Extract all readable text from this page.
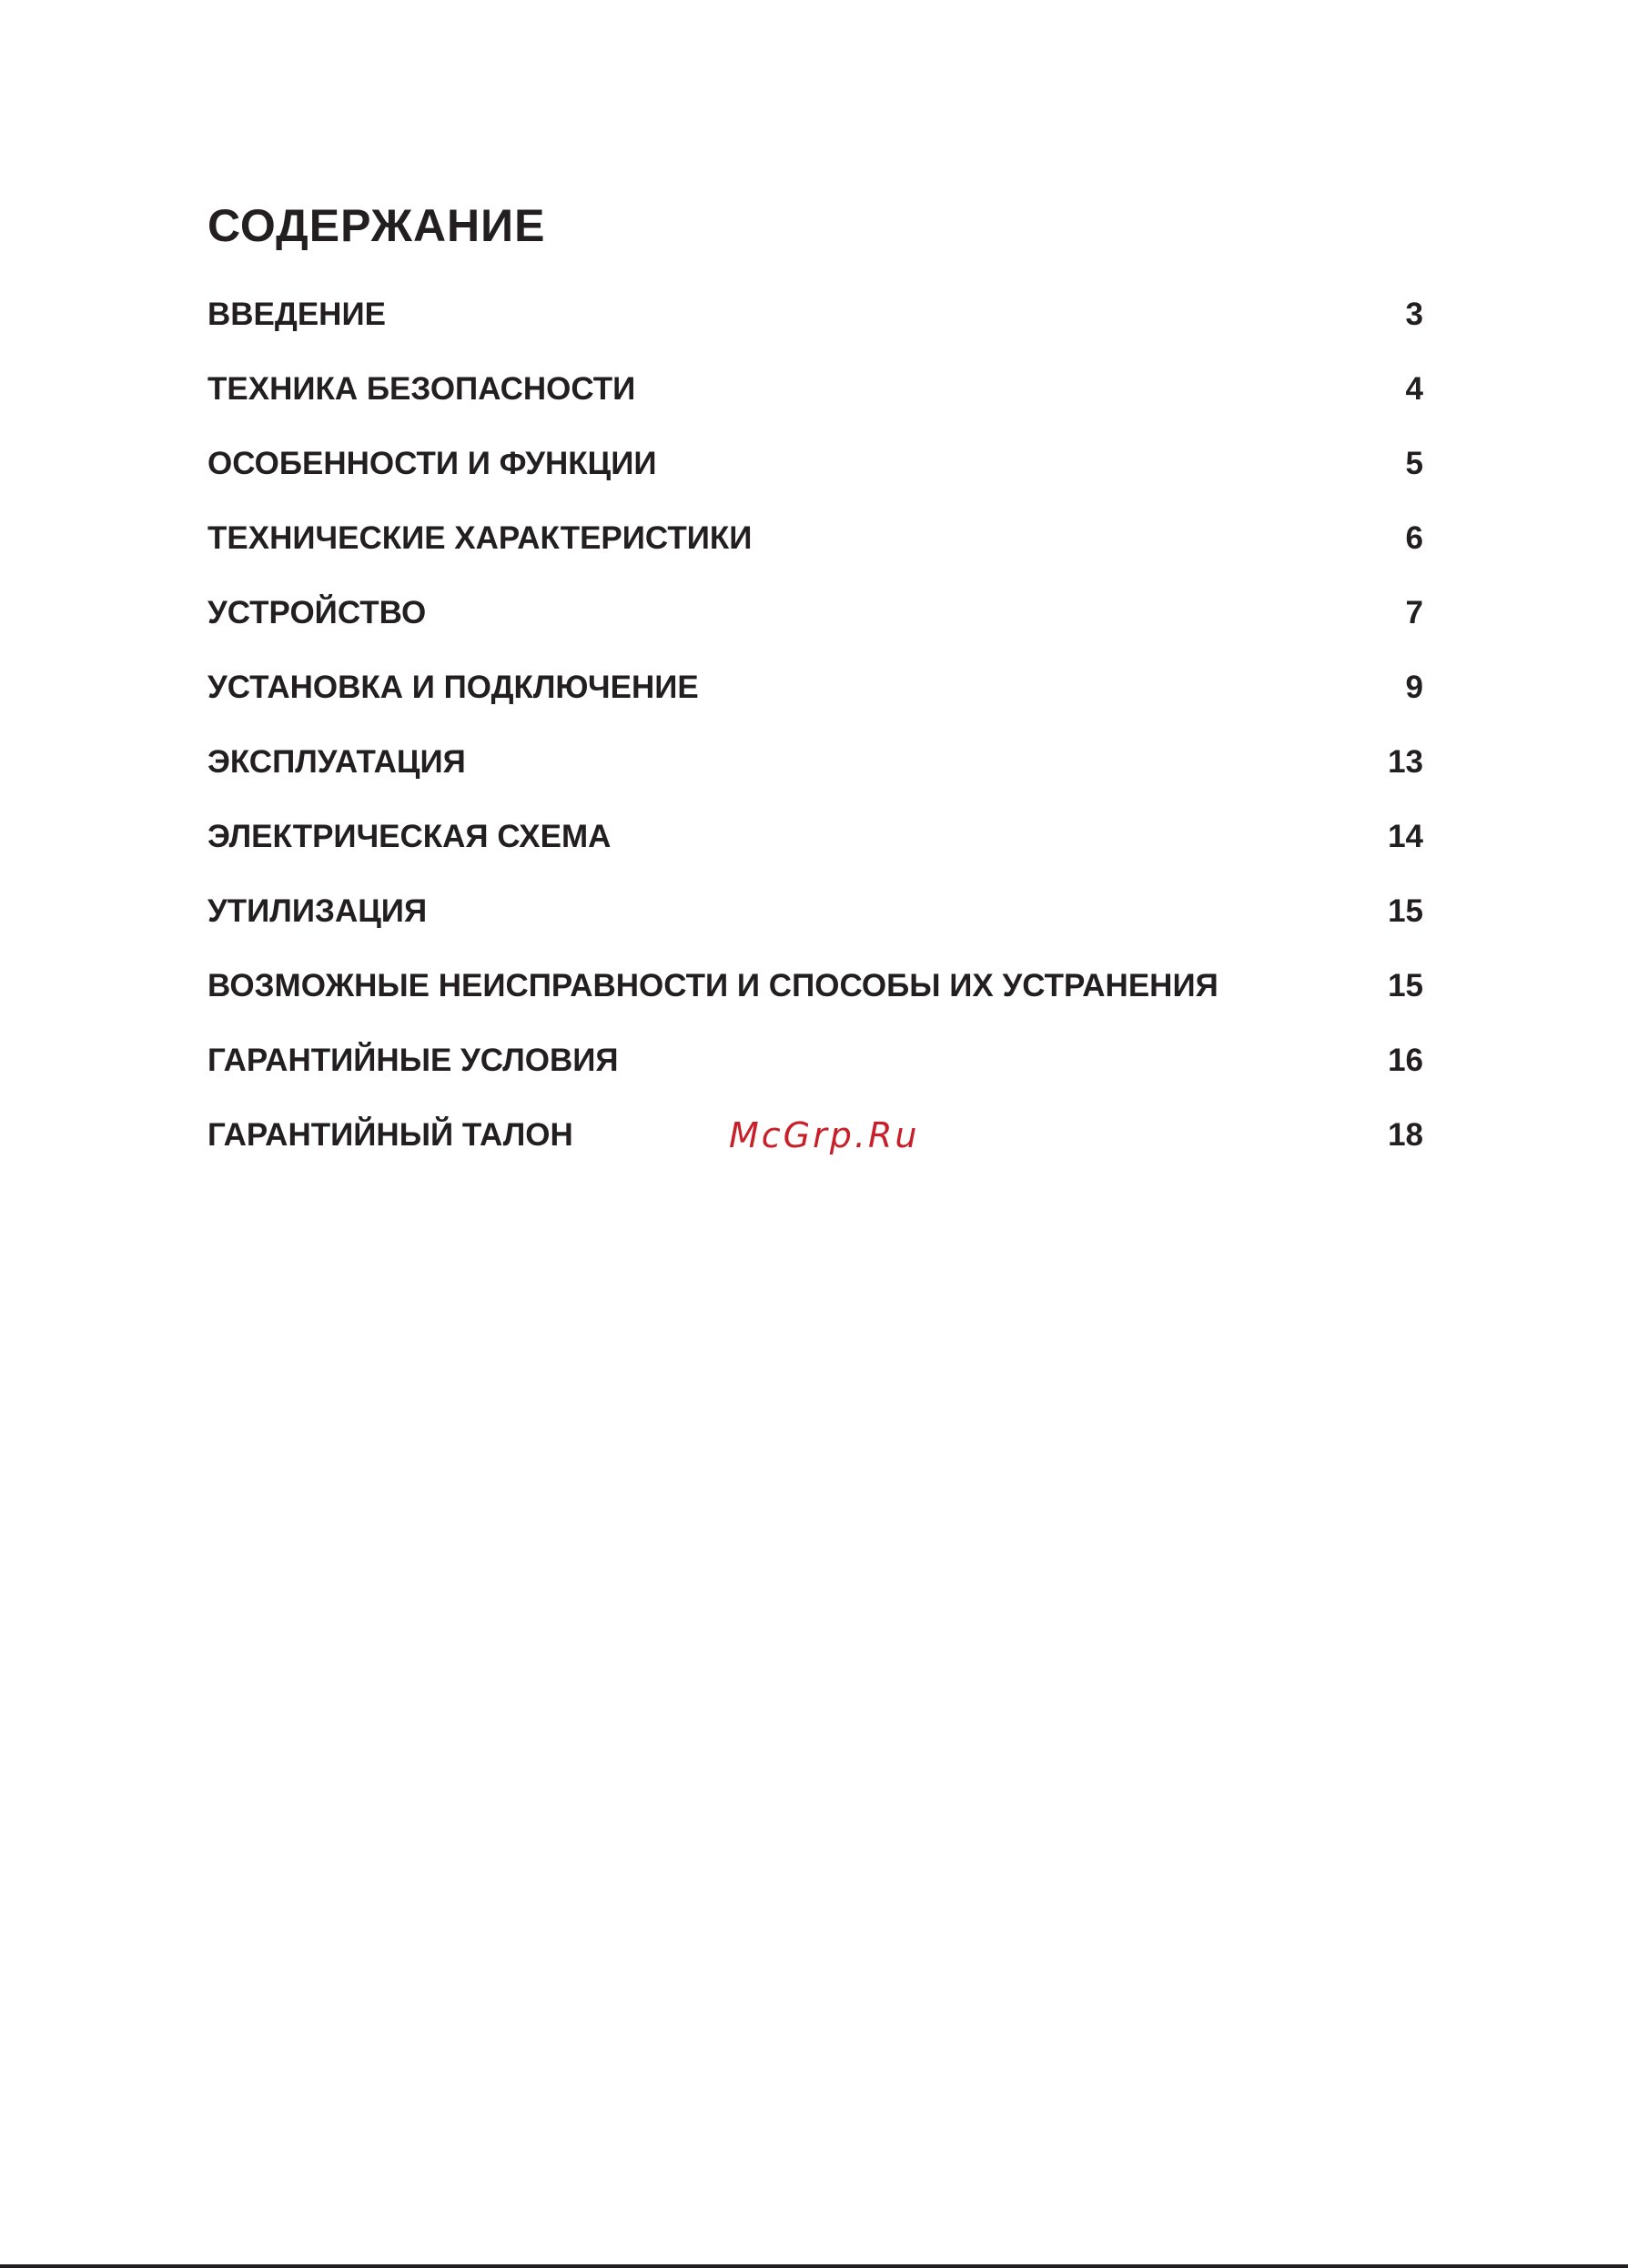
СОДЕРЖАНИЕ
ВВЕДЕНИЕ	3
ТЕХНИКА БЕЗОПАСНОСТИ	4
ОСОБЕННОСТИ И ФУНКЦИИ	5
ТЕХНИЧЕСКИЕ ХАРАКТЕРИСТИКИ	6
УСТРОЙСТВО	7
УСТАНОВКА И ПОДКЛЮЧЕНИЕ	9
ЭКСПЛУАТАЦИЯ	13
ЭЛЕКТРИЧЕСКАЯ СХЕМА	14
УТИЛИЗАЦИЯ	15
ВОЗМОЖНЫЕ НЕИСПРАВНОСТИ И СПОСОБЫ ИХ УСТРАНЕНИЯ	15
ГАРАНТИЙНЫЕ УСЛОВИЯ	16
ГАРАНТИЙНЫЙ ТАЛОН	18
McGrp.Ru
